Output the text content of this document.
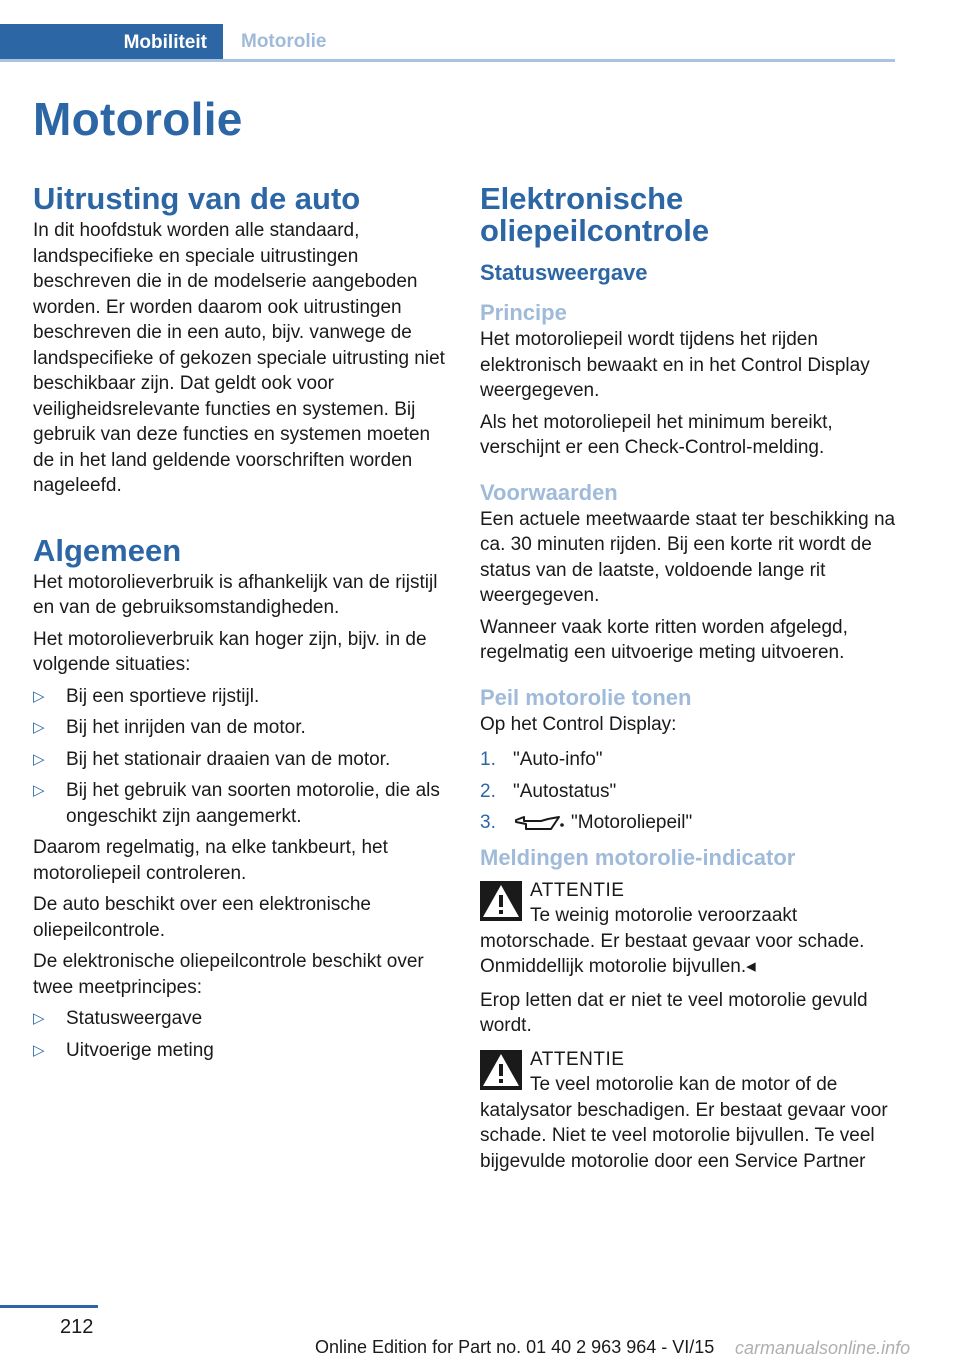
Mobiliteit	Motorolie
Motorolie
Uitrusting van de auto

In dit hoofdstuk worden alle standaard, landspecifieke en speciale uitrustingen beschreven die in de modelserie aangeboden worden. Er worden daarom ook uitrustingen beschreven die in een auto, bijv. vanwege de landspecifieke of gekozen speciale uitrusting niet beschikbaar zijn. Dat geldt ook voor veiligheidsrelevante functies en systemen. Bij gebruik van deze functies en systemen moeten de in het land geldende voorschriften worden nageleefd.

Algemeen

Het motorolieverbruik is afhankelijk van de rijstijl en van de gebruiksomstandigheden.

Het motorolieverbruik kan hoger zijn, bijv. in de volgende situaties:

▷ Bij een sportieve rijstijl.
▷ Bij het inrijden van de motor.
▷ Bij het stationair draaien van de motor.
▷ Bij het gebruik van soorten motorolie, die als ongeschikt zijn aangemerkt.

Daarom regelmatig, na elke tankbeurt, het motoroliepeil controleren.

De auto beschikt over een elektronische oliepeilcontrole.

De elektronische oliepeilcontrole beschikt over twee meetprincipes:

▷ Statusweergave
▷ Uitvoerige meting
Elektronische oliepeilcontrole
Statusweergave
Principe

Het motoroliepeil wordt tijdens het rijden elektronisch bewaakt en in het Control Display weergegeven.

Als het motoroliepeil het minimum bereikt, verschijnt er een Check-Control-melding.

Voorwaarden

Een actuele meetwaarde staat ter beschikking na ca. 30 minuten rijden. Bij een korte rit wordt de status van de laatste, voldoende lange rit weergegeven.

Wanneer vaak korte ritten worden afgelegd, regelmatig een uitvoerige meting uitvoeren.

Peil motorolie tonen

Op het Control Display:

1. "Auto-info"
2. "Autostatus"
3.	"Motoroliepeil"
Meldingen motorolie-indicator
ATTENTIE
Te weinig motorolie veroorzaakt motorschade. Er bestaat gevaar voor schade. Onmiddellijk motorolie bijvullen.◂

Erop letten dat er niet te veel motorolie gevuld wordt.

ATTENTIE
Te veel motorolie kan de motor of de katalysator beschadigen. Er bestaat gevaar voor schade. Niet te veel motorolie bijvullen. Te veel bijgevulde motorolie door een Service Partner
212
Online Edition for Part no. 01 40 2 963 964 - VI/15 carmanualsonline.info
